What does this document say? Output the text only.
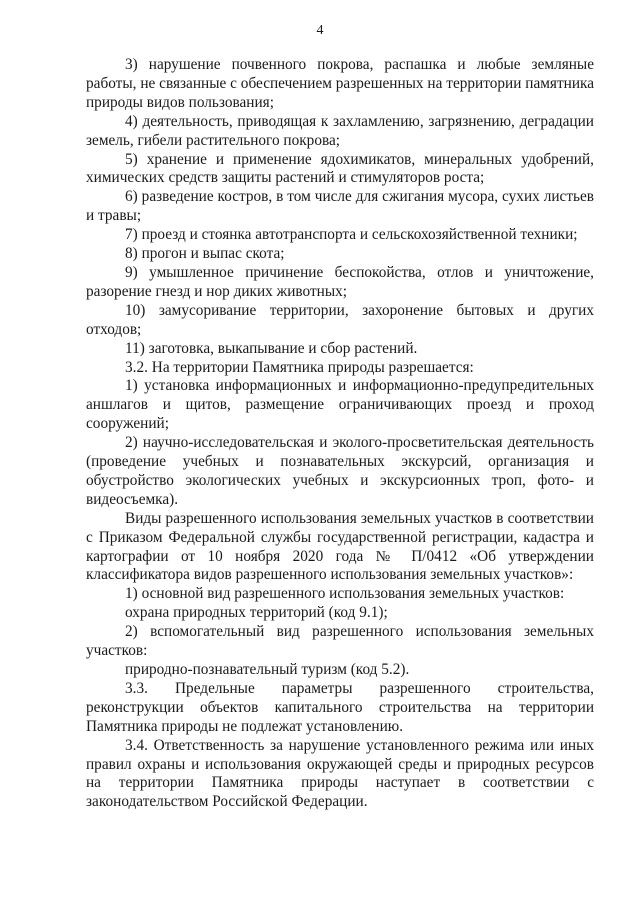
4

3) нарушение почвенного покрова, распашка и любые земляные работы, не связанные с обеспечением разрешенных на территории памятника природы видов пользования;

4) деятельность, приводящая к захламлению, загрязнению, деградации земель, гибели растительного покрова;

5) хранение и применение ядохимикатов, минеральных удобрений, химических средств защиты растений и стимуляторов роста;

6) разведение костров, в том числе для сжигания мусора, сухих листьев и травы;

7) проезд и стоянка автотранспорта и сельскохозяйственной техники;

8) прогон и выпас скота;

9) умышленное причинение беспокойства, отлов и уничтожение, разорение гнезд и нор диких животных;

10) замусоривание территории, захоронение бытовых и других отходов;

11) заготовка, выкапывание и сбор растений.

3.2. На территории Памятника природы разрешается:

1) установка информационных и информационно-предупредительных аншлагов и щитов, размещение ограничивающих проезд и проход сооружений;

2) научно-исследовательская и эколого-просветительская деятельность (проведение учебных и познавательных экскурсий, организация и обустройство экологических учебных и экскурсионных троп, фото- и видеосъемка).

Виды разрешенного использования земельных участков в соответствии с Приказом Федеральной службы государственной регистрации, кадастра и картографии от 10 ноября 2020 года № П/0412 «Об утверждении классификатора видов разрешенного использования земельных участков»:

1) основной вид разрешенного использования земельных участков:

охрана природных территорий (код 9.1);

2) вспомогательный вид разрешенного использования земельных участков:

природно-познавательный туризм (код 5.2).

3.3. Предельные параметры разрешенного строительства, реконструкции объектов капитального строительства на территории Памятника природы не подлежат установлению.

3.4. Ответственность за нарушение установленного режима или иных правил охраны и использования окружающей среды и природных ресурсов на территории Памятника природы наступает в соответствии с законодательством Российской Федерации.
